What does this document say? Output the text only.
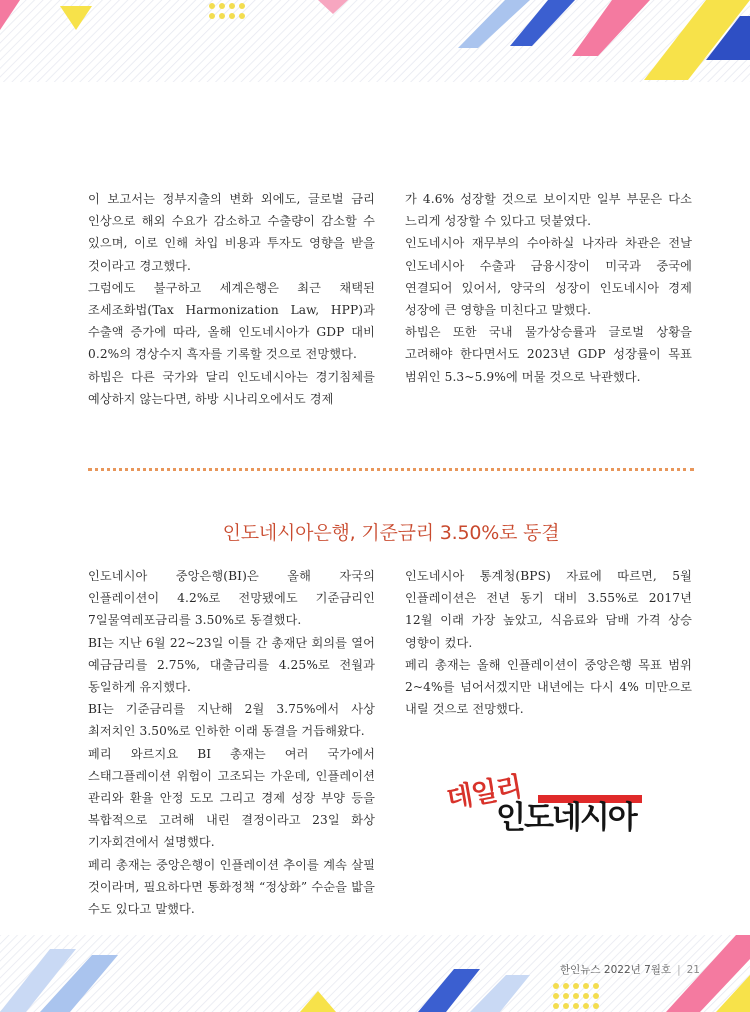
이 보고서는 정부지출의 변화 외에도, 글로벌 금리 인상으로 해외 수요가 감소하고 수출량이 감소할 수 있으며, 이로 인해 차입 비용과 투자도 영향을 받을 것이라고 경고했다.

그럼에도 불구하고 세계은행은 최근 채택된 조세조화법(Tax Harmonization Law, HPP)과 수출액 증가에 따라, 올해 인도네시아가 GDP 대비 0.2%의 경상수지 흑자를 기록할 것으로 전망했다.

하빕은 다른 국가와 달리 인도네시아는 경기침체를 예상하지 않는다면, 하방 시나리오에서도 경제

가 4.6% 성장할 것으로 보이지만 일부 부문은 다소 느리게 성장할 수 있다고 덧붙였다.

인도네시아 재무부의 수아하실 나자라 차관은 전날 인도네시아 수출과 금융시장이 미국과 중국에 연결되어 있어서, 양국의 성장이 인도네시아 경제 성장에 큰 영향을 미친다고 말했다.

하빕은 또한 국내 물가상승률과 글로벌 상황을 고려해야 한다면서도 2023년 GDP 성장률이 목표 범위인 5.3~5.9%에 머물 것으로 낙관했다.

인도네시아은행, 기준금리 3.50%로 동결

인도네시아 중앙은행(BI)은 올해 자국의 인플레이션이 4.2%로 전망됐에도 기준금리인 7일물역레포금리를 3.50%로 동결했다.

BI는 지난 6월 22~23일 이틀 간 총재단 회의를 열어 예금금리를 2.75%, 대출금리를 4.25%로 전월과 동일하게 유지했다.

BI는 기준금리를 지난해 2월 3.75%에서 사상 최저치인 3.50%로 인하한 이래 동결을 거듭해왔다.

페리 와르지요 BI 총재는 여러 국가에서 스태그플레이션 위험이 고조되는 가운데, 인플레이션 관리와 환율 안정 도모 그리고 경제 성장 부양 등을 복합적으로 고려해 내린 결정이라고 23일 화상 기자회견에서 설명했다.

페리 총재는 중앙은행이 인플레이션 추이를 계속 살필 것이라며, 필요하다면 통화정책 “정상화” 수순을 밟을 수도 있다고 말했다.

인도네시아 통계청(BPS) 자료에 따르면, 5월 인플레이션은 전년 동기 대비 3.55%로 2017년 12월 이래 가장 높았고, 식음료와 담배 가격 상승 영향이 컸다.

페리 총재는 올해 인플레이션이 중앙은행 목표 범위 2~4%를 넘어서겠지만 내년에는 다시 4% 미만으로 내릴 것으로 전망했다.

데일리
인도네시아
한인뉴스 2022년 7월호 | 21
